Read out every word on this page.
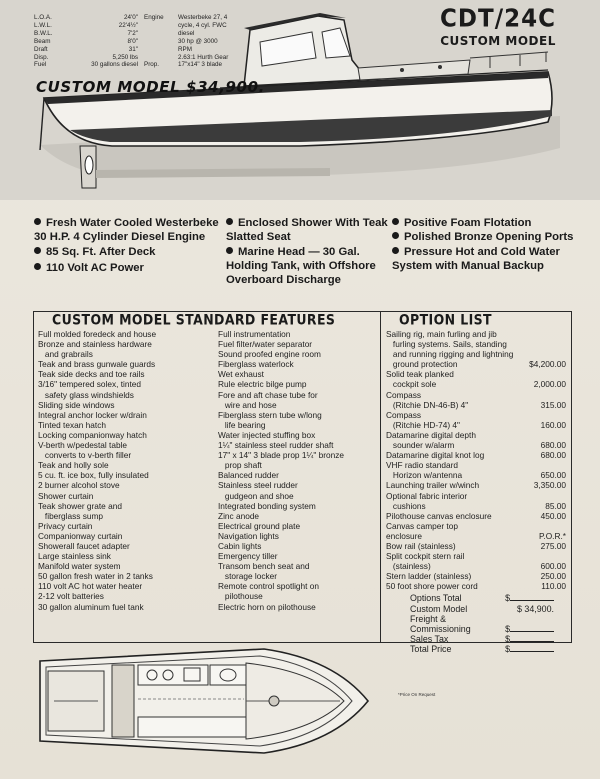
L.O.A.	24'0" Engine	Westerbeke 27, 4
L.W.L.	22'4½"	cycle, 4 cyl. FWC
B.W.L.	7'2"	diesel
Beam	8'0"	30 hp @ 3000
Draft	31"	RPM
Disp.	5,250 lbs	2.63:1 Hurth Gear
Fuel	30 gallons diesel Prop.	17"x14" 3 blade
CDT/24C
CUSTOM MODEL
CUSTOM MODEL $34,900.
Fresh Water Cooled Westerbeke 30 H.P. 4 Cylinder Diesel Engine
85 Sq. Ft. After Deck
110 Volt AC Power
Enclosed Shower With Teak Slatted Seat
Marine Head — 30 Gal. Holding Tank, with Offshore Overboard Discharge
Positive Foam Flotation
Polished Bronze Opening Ports
Pressure Hot and Cold Water System with Manual Backup
CUSTOM MODEL STANDARD FEATURES	OPTION LIST
Full molded foredeck and house
Bronze and stainless hardware
and grabrails
Teak and brass gunwale guards
Teak side decks and toe rails
3/16" tempered solex, tinted
safety glass windshields
Sliding side windows
Integral anchor locker w/drain
Tinted texan hatch
Locking companionway hatch
V-berth w/pedestal table
converts to v-berth filler
Teak and holly sole
5 cu. ft. ice box, fully insulated
2 burner alcohol stove
Shower curtain
Teak shower grate and
fiberglass sump
Privacy curtain
Companionway curtain
Showerall faucet adapter
Large stainless sink
Manifold water system
50 gallon fresh water in 2 tanks
110 volt AC hot water heater
2-12 volt batteries
30 gallon aluminum fuel tank
Full instrumentation
Fuel filter/water separator
Sound proofed engine room
Fiberglass waterlock
Wet exhaust
Rule electric bilge pump
Fore and aft chase tube for
wire and hose
Fiberglass stern tube w/long
life bearing
Water injected stuffing box
1¼" stainless steel rudder shaft
17" x 14" 3 blade prop 1¼" bronze
prop shaft
Balanced rudder
Stainless steel rudder
gudgeon and shoe
Integrated bonding system
Zinc anode
Electrical ground plate
Navigation lights
Cabin lights
Emergency tiller
Transom bench seat and
storage locker
Remote control spotlight on
pilothouse
Electric horn on pilothouse
Sailing rig, main furling and jib
furling systems. Sails, standing
and running rigging and lightning
ground protection	$4,200.00
Solid teak planked
cockpit sole	2,000.00
Compass
(Ritchie DN-46-B) 4"	315.00
Compass
(Ritchie HD-74) 4"	160.00
Datamarine digital depth
sounder w/alarm	680.00
Datamarine digital knot log	680.00
VHF radio standard
Horizon w/antenna	650.00
Launching trailer w/winch	3,350.00
Optional fabric interior
cushions	85.00
Pilothouse canvas enclosure	450.00
Canvas camper top
enclosure	P.O.R.*
Bow rail (stainless)	275.00
Split cockpit stern rail
(stainless)	600.00
Stern ladder (stainless)	250.00
50 foot shore power cord	110.00
Options Total	$
Custom Model	$ 34,900.
Freight &
Commissioning	$
Sales Tax	$
Total Price	$
*Price On Request
